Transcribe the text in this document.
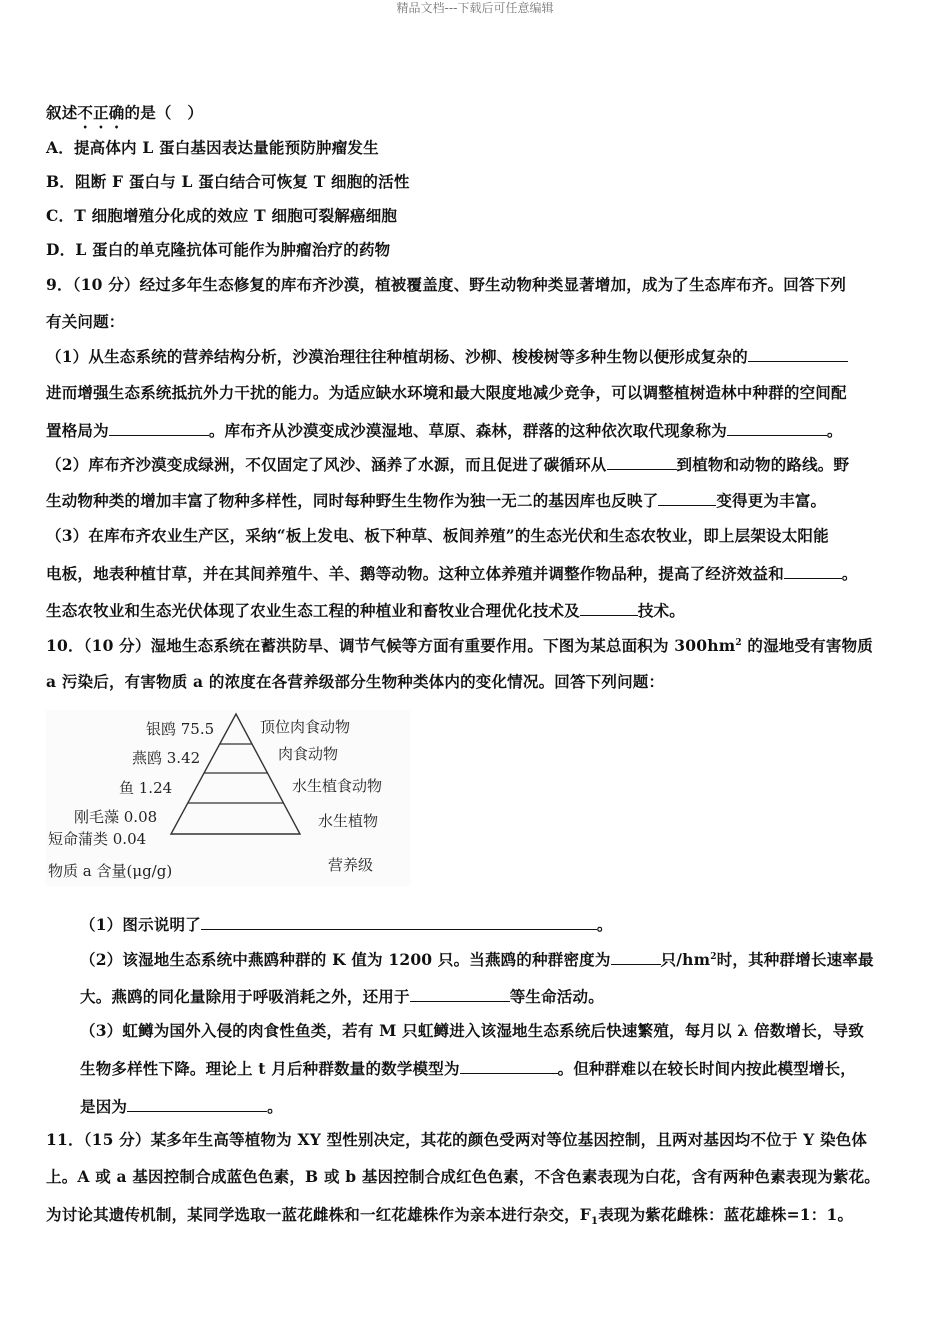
精品文档---下载后可任意编辑
叙述不正确的是（　）
A．提高体内 L 蛋白基因表达量能预防肿瘤发生
B．阻断 F 蛋白与 L 蛋白结合可恢复 T 细胞的活性
C．T 细胞增殖分化成的效应 T 细胞可裂解癌细胞
D．L 蛋白的单克隆抗体可能作为肿瘤治疗的药物
9．（10 分）经过多年生态修复的库布齐沙漠，植被覆盖度、野生动物种类显著增加，成为了生态库布齐。回答下列
有关问题：
（1）从生态系统的营养结构分析，沙漠治理往往种植胡杨、沙柳、梭梭树等多种生物以便形成复杂的
进而增强生态系统抵抗外力干扰的能力。为适应缺水环境和最大限度地减少竞争，可以调整植树造林中种群的空间配
置格局为	。库布齐从沙漠变成沙漠湿地、草原、森林，群落的这种依次取代现象称为	。
（2）库布齐沙漠变成绿洲，不仅固定了风沙、涵养了水源，而且促进了碳循环从	到植物和动物的路线。野
生动物种类的增加丰富了物种多样性，同时每种野生生物作为独一无二的基因库也反映了	变得更为丰富。
（3）在库布齐农业生产区，采纳“板上发电、板下种草、板间养殖”的生态光伏和生态农牧业，即上层架设太阳能
电板，地表种植甘草，并在其间养殖牛、羊、鹅等动物。这种立体养殖并调整作物品种，提高了经济效益和	。
生态农牧业和生态光伏体现了农业生态工程的种植业和畜牧业合理优化技术及	技术。
10．（10 分）湿地生态系统在蓄洪防旱、调节气候等方面有重要作用。下图为某总面积为 $300hm^2$ 的湿地受有害物质
a 污染后，有害物质 a 的浓度在各营养级部分生物种类体内的变化情况。回答下列问题：
银鸥 75.5
燕鸥 3.42
鱼 1.24
刚毛藻 0.08
短命蒲类 0.04
顶位肉食动物
肉食动物
水生植食动物
水生植物
物质 a 含量(μg/g)	营养级
（1）图示说明了	。
（2）该湿地生态系统中燕鸥种群的 K 值为 1200 只。当燕鸥的种群密度为	只$/hm^2$时，其种群增长速率最
大。燕鸥的同化量除用于呼吸消耗之外，还用于	等生命活动。
（3）虹鳟为国外入侵的肉食性鱼类，若有 M 只虹鳟进入该湿地生态系统后快速繁殖，每月以 λ 倍数增长，导致
生物多样性下降。理论上 t 月后种群数量的数学模型为	。但种群难以在较长时间内按此模型增长，
是因为	。
11．（15 分）某多年生高等植物为 XY 型性别决定，其花的颜色受两对等位基因控制，且两对基因均不位于 Y 染色体
上。A 或 a 基因控制合成蓝色色素，B 或 b 基因控制合成红色色素，不含色素表现为白花，含有两种色素表现为紫花。
为讨论其遗传机制，某同学选取一蓝花雌株和一红花雄株作为亲本进行杂交，$F_1$表现为紫花雌株：蓝花雄株=1：1。
